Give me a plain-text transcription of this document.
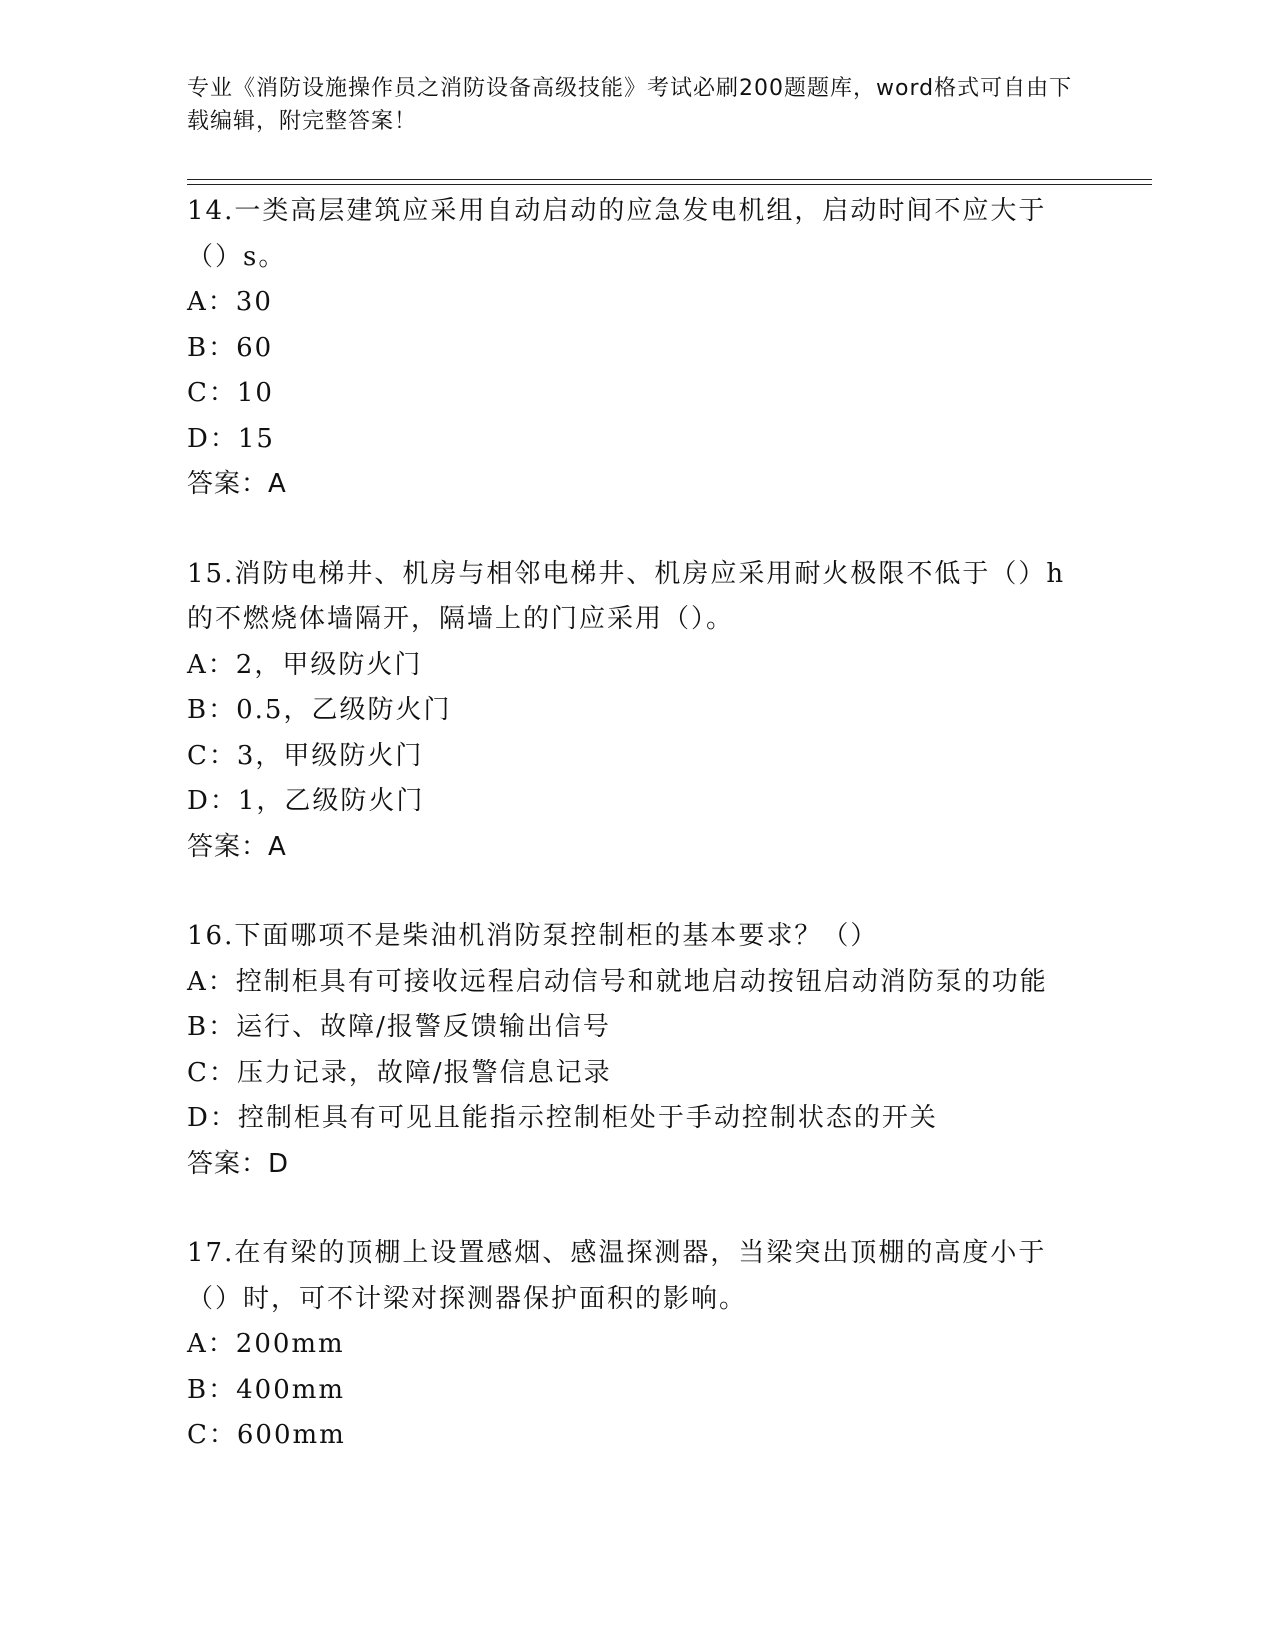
专业《消防设施操作员之消防设备高级技能》考试必刷200题题库，word格式可自由下载编辑，附完整答案！

14.一类高层建筑应采用自动启动的应急发电机组，启动时间不应大于（）s。

A：30

B：60

C：10

D：15

答案：A

15.消防电梯井、机房与相邻电梯井、机房应采用耐火极限不低于（）h的不燃烧体墙隔开，隔墙上的门应采用（）。

A：2，甲级防火门

B：0.5，乙级防火门

C：3，甲级防火门

D：1，乙级防火门

答案：A

16.下面哪项不是柴油机消防泵控制柜的基本要求？（）

A：控制柜具有可接收远程启动信号和就地启动按钮启动消防泵的功能

B：运行、故障/报警反馈输出信号

C：压力记录，故障/报警信息记录

D：控制柜具有可见且能指示控制柜处于手动控制状态的开关

答案：D

17.在有梁的顶棚上设置感烟、感温探测器，当梁突出顶棚的高度小于（）时，可不计梁对探测器保护面积的影响。

A：200mm

B：400mm

C：600mm
